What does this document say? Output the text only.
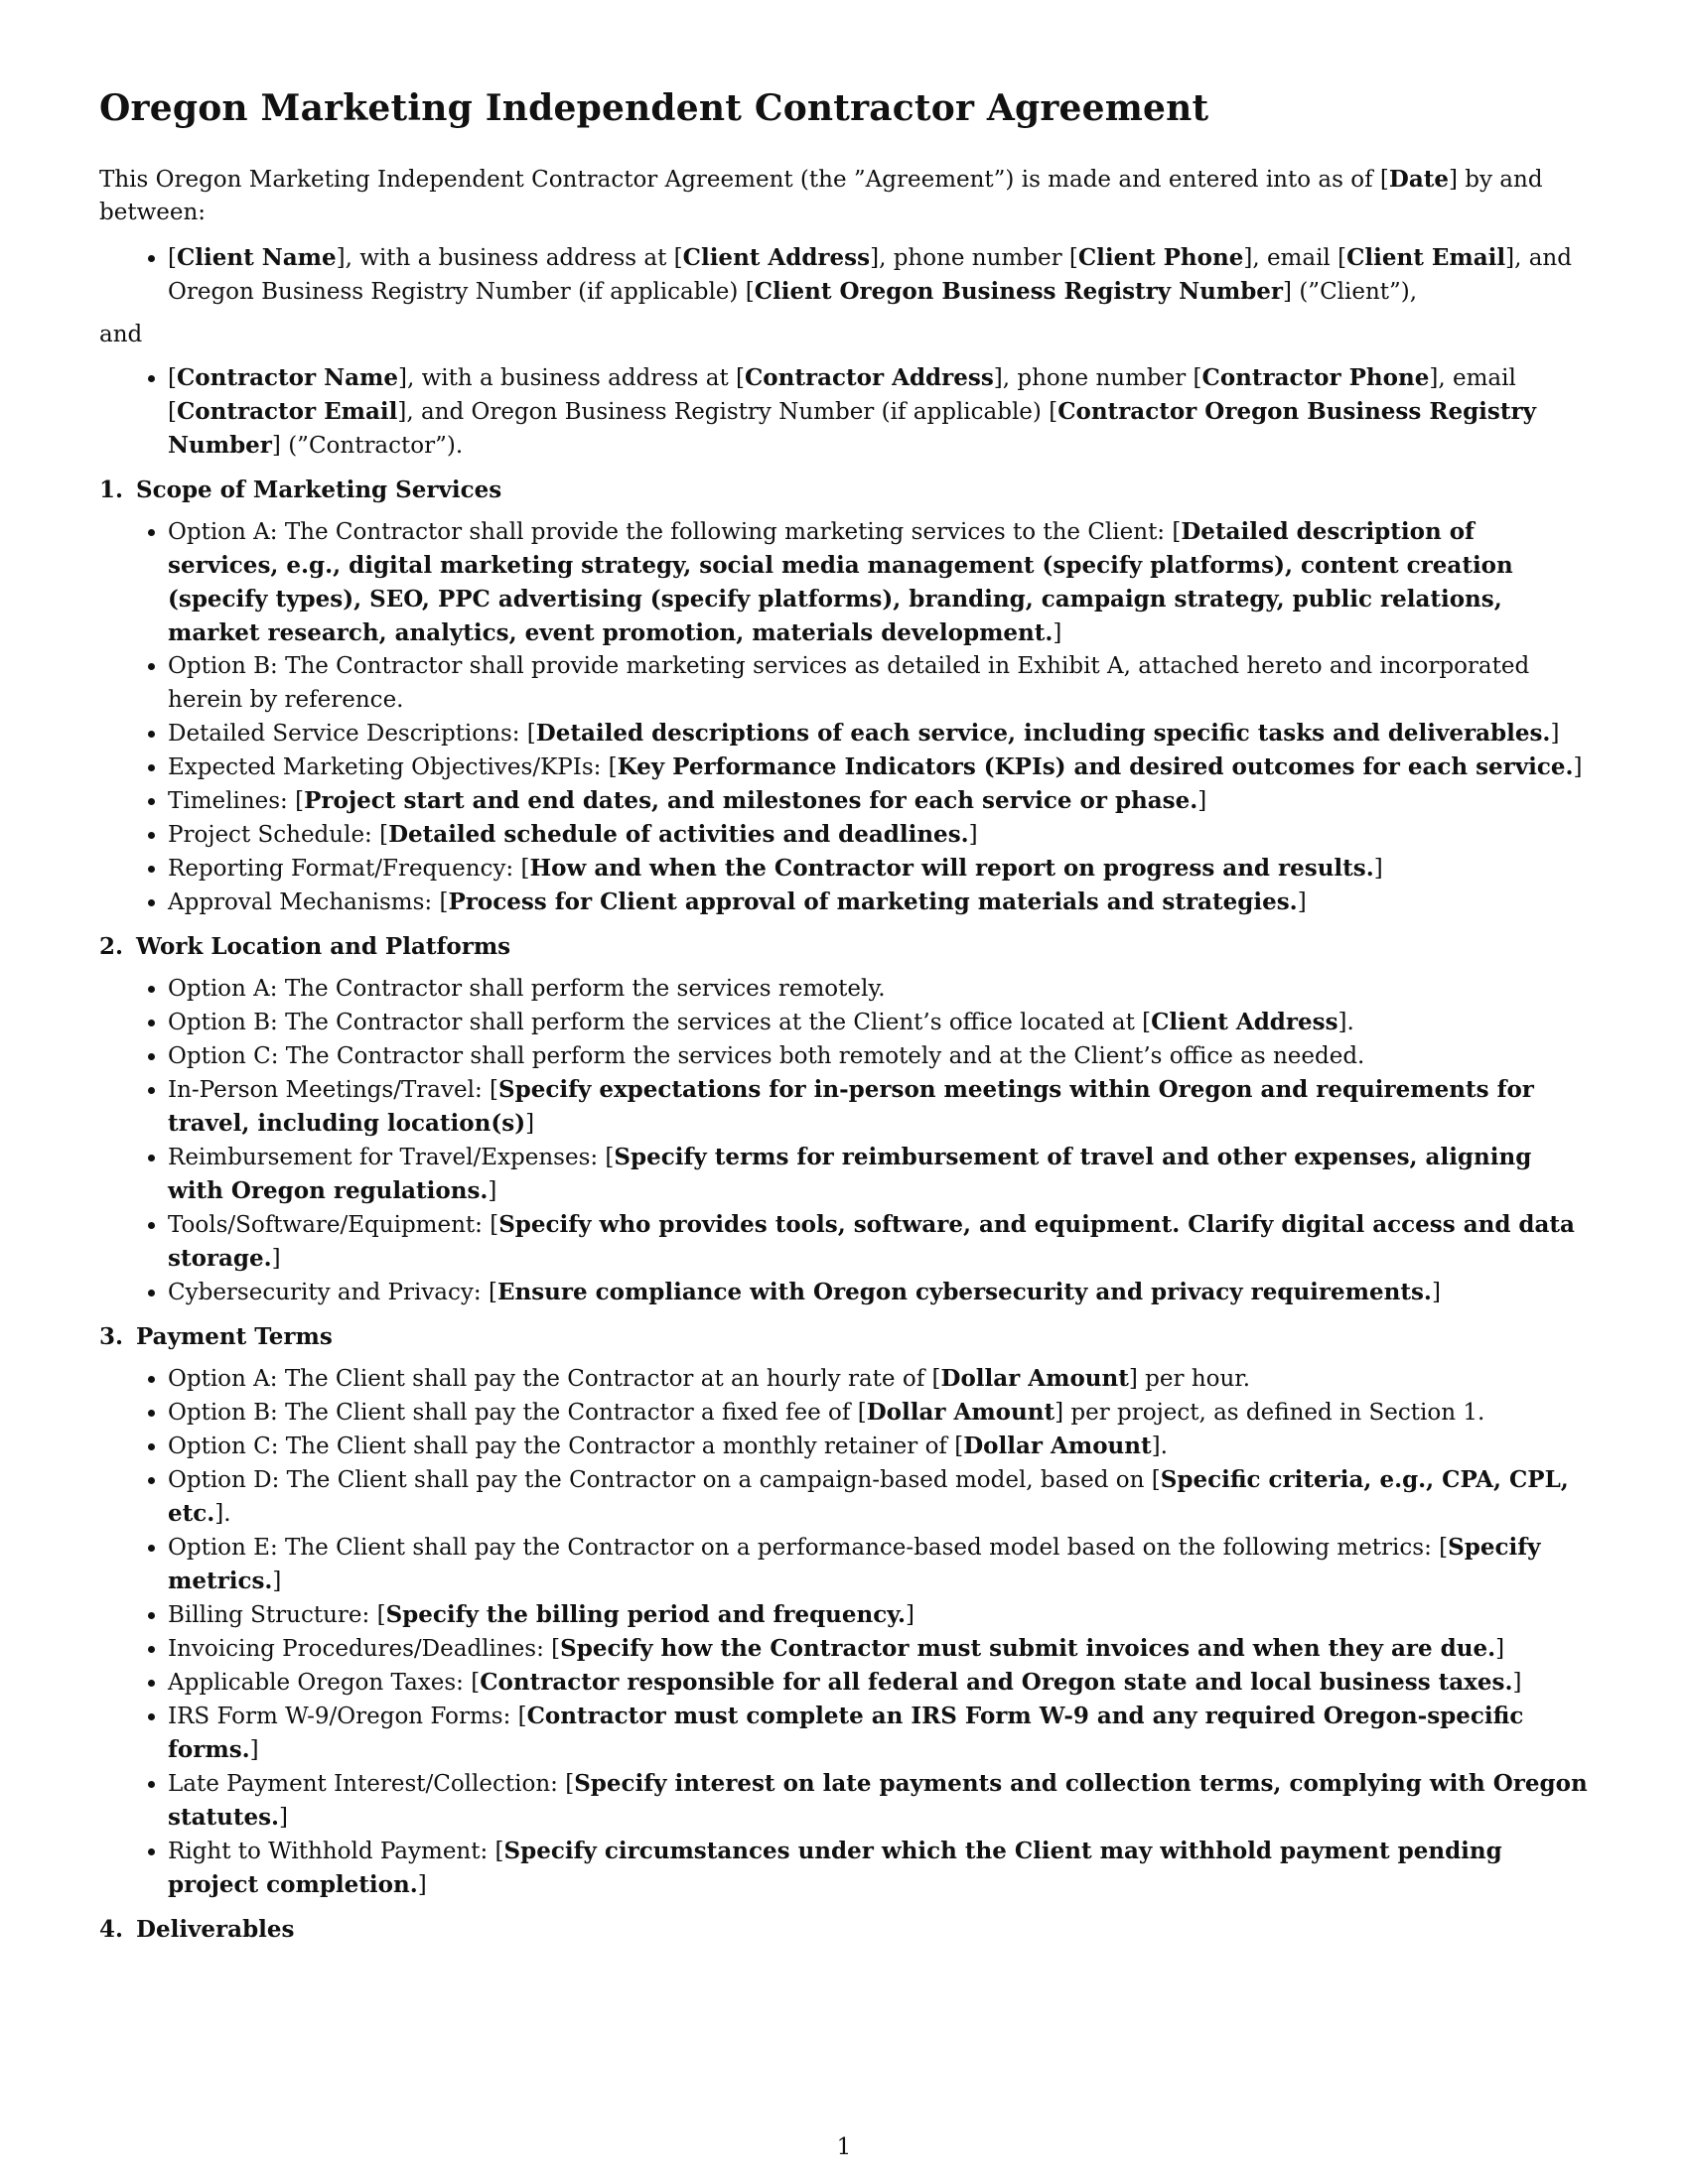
Oregon Marketing Independent Contractor Agreement

This Oregon Marketing Independent Contractor Agreement (the ”Agreement”) is made and entered into as of [Date] by and between:

• [Client Name], with a business address at [Client Address], phone number [Client Phone], email [Client Email], and Oregon Business Registry Number (if applicable) [Client Oregon Business Registry Number] (”Client”),

and

• [Contractor Name], with a business address at [Contractor Address], phone number [Contractor Phone], email [Contractor Email], and Oregon Business Registry Number (if applicable) [Contractor Oregon Business Registry Number] (”Contractor”).
1. Scope of Marketing Services
• Option A: The Contractor shall provide the following marketing services to the Client: [Detailed description of services, e.g., digital marketing strategy, social media management (specify platforms), content creation (specify types), SEO, PPC advertising (specify platforms), branding, campaign strategy, public relations, market research, analytics, event promotion, materials development.]
• Option B: The Contractor shall provide marketing services as detailed in Exhibit A, attached hereto and incorporated herein by reference.
• Detailed Service Descriptions: [Detailed descriptions of each service, including specific tasks and deliverables.]
• Expected Marketing Objectives/KPIs: [Key Performance Indicators (KPIs) and desired outcomes for each service.]
• Timelines: [Project start and end dates, and milestones for each service or phase.]
• Project Schedule: [Detailed schedule of activities and deadlines.]
• Reporting Format/Frequency: [How and when the Contractor will report on progress and results.]
• Approval Mechanisms: [Process for Client approval of marketing materials and strategies.]
2. Work Location and Platforms
• Option A: The Contractor shall perform the services remotely.
• Option B: The Contractor shall perform the services at the Client’s office located at [Client Address].
• Option C: The Contractor shall perform the services both remotely and at the Client’s office as needed.
• In-Person Meetings/Travel: [Specify expectations for in-person meetings within Oregon and requirements for travel, including location(s)]
• Reimbursement for Travel/Expenses: [Specify terms for reimbursement of travel and other expenses, aligning with Oregon regulations.]
• Tools/Software/Equipment: [Specify who provides tools, software, and equipment. Clarify digital access and data storage.]
• Cybersecurity and Privacy: [Ensure compliance with Oregon cybersecurity and privacy requirements.]
3. Payment Terms
• Option A: The Client shall pay the Contractor at an hourly rate of [Dollar Amount] per hour.
• Option B: The Client shall pay the Contractor a fixed fee of [Dollar Amount] per project, as defined in Section 1.
• Option C: The Client shall pay the Contractor a monthly retainer of [Dollar Amount].
• Option D: The Client shall pay the Contractor on a campaign-based model, based on [Specific criteria, e.g., CPA, CPL, etc.].
• Option E: The Client shall pay the Contractor on a performance-based model based on the following metrics: [Specify metrics.]
• Billing Structure: [Specify the billing period and frequency.]
• Invoicing Procedures/Deadlines: [Specify how the Contractor must submit invoices and when they are due.]
• Applicable Oregon Taxes: [Contractor responsible for all federal and Oregon state and local business taxes.]
• IRS Form W-9/Oregon Forms: [Contractor must complete an IRS Form W-9 and any required Oregon-specific forms.]
• Late Payment Interest/Collection: [Specify interest on late payments and collection terms, complying with Oregon statutes.]
• Right to Withhold Payment: [Specify circumstances under which the Client may withhold payment pending project completion.]
4. Deliverables
1
